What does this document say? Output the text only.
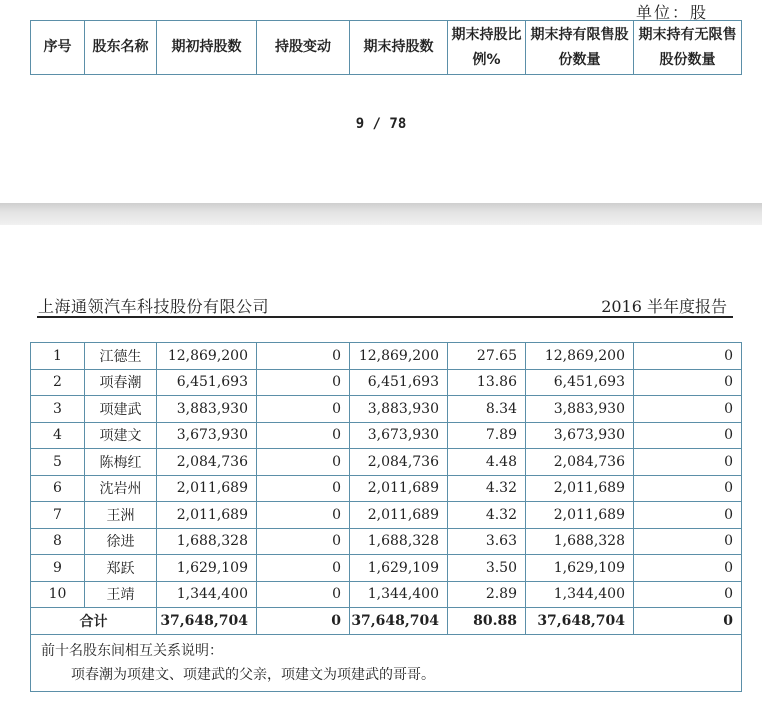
单位：股
序号	股东名称	期初持股数	持股变动	期末持股数	期末持股比例%	期末持有限售股份数量	期末持有无限售股份数量
9 / 78
上海通领汽车科技股份有限公司	2016 半年度报告
1	江德生	12,869,200	0	12,869,200	27.65	12,869,200	0
2	项春潮	6,451,693	0	6,451,693	13.86	6,451,693	0
3	项建武	3,883,930	0	3,883,930	8.34	3,883,930	0
4	项建文	3,673,930	0	3,673,930	7.89	3,673,930	0
5	陈梅红	2,084,736	0	2,084,736	4.48	2,084,736	0
6	沈岩州	2,011,689	0	2,011,689	4.32	2,011,689	0
7	王洲	2,011,689	0	2,011,689	4.32	2,011,689	0
8	徐进	1,688,328	0	1,688,328	3.63	1,688,328	0
9	郑跃	1,629,109	0	1,629,109	3.50	1,629,109	0
10	王靖	1,344,400	0	1,344,400	2.89	1,344,400	0
合计		37,648,704	0	37,648,704	80.88	37,648,704	0

前十名股东间相互关系说明：
项春潮为项建文、项建武的父亲，项建文为项建武的哥哥。							
